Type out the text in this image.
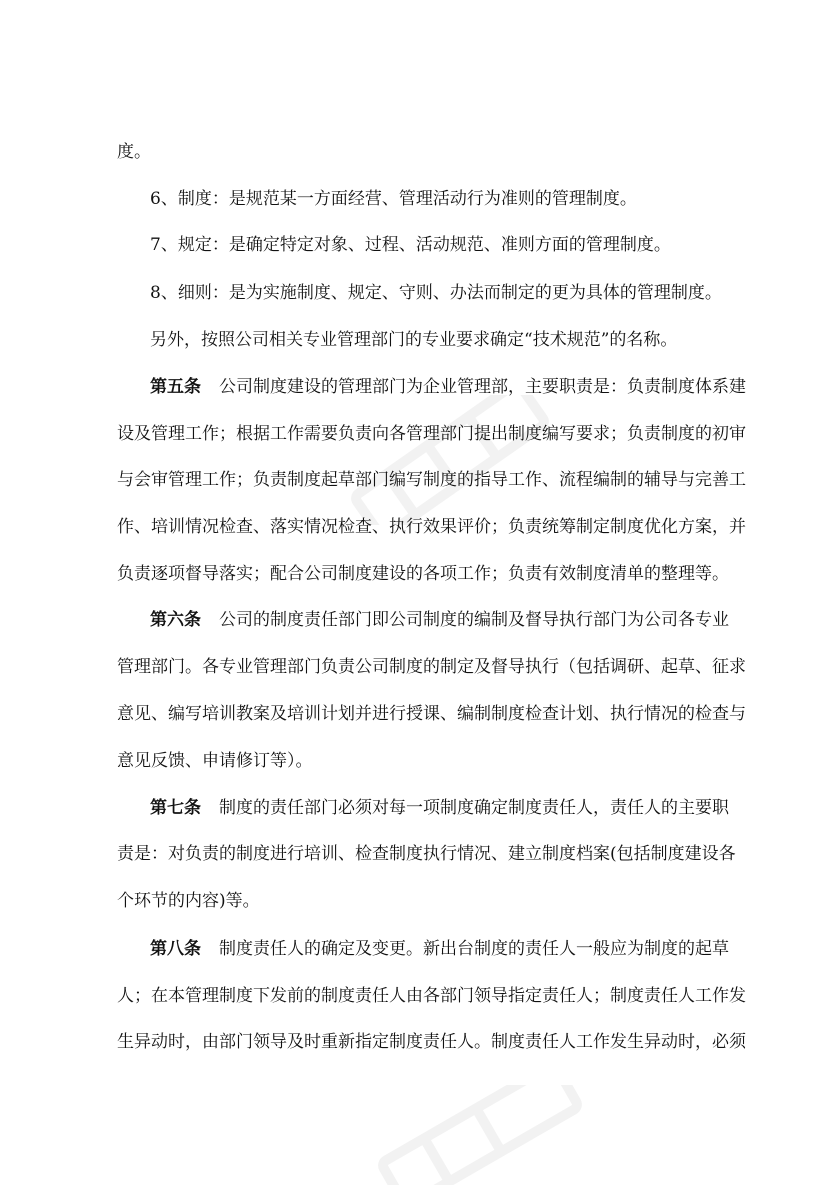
度。
6、制度：是规范某一方面经营、管理活动行为准则的管理制度。
7、规定：是确定特定对象、过程、活动规范、准则方面的管理制度。
8、细则：是为实施制度、规定、守则、办法而制定的更为具体的管理制度。
另外，按照公司相关专业管理部门的专业要求确定“技术规范”的名称。
第五条 公司制度建设的管理部门为企业管理部，主要职责是：负责制度体系建
设及管理工作；根据工作需要负责向各管理部门提出制度编写要求；负责制度的初审
与会审管理工作；负责制度起草部门编写制度的指导工作、流程编制的辅导与完善工
作、培训情况检查、落实情况检查、执行效果评价；负责统筹制定制度优化方案，并
负责逐项督导落实；配合公司制度建设的各项工作；负责有效制度清单的整理等。
第六条 公司的制度责任部门即公司制度的编制及督导执行部门为公司各专业
管理部门。各专业管理部门负责公司制度的制定及督导执行（包括调研、起草、征求
意见、编写培训教案及培训计划并进行授课、编制制度检查计划、执行情况的检查与
意见反馈、申请修订等）。
第七条 制度的责任部门必须对每一项制度确定制度责任人，责任人的主要职
责是：对负责的制度进行培训、检查制度执行情况、建立制度档案(包括制度建设各
个环节的内容)等。
第八条 制度责任人的确定及变更。新出台制度的责任人一般应为制度的起草
人；在本管理制度下发前的制度责任人由各部门领导指定责任人；制度责任人工作发
生异动时，由部门领导及时重新指定制度责任人。制度责任人工作发生异动时，必须
